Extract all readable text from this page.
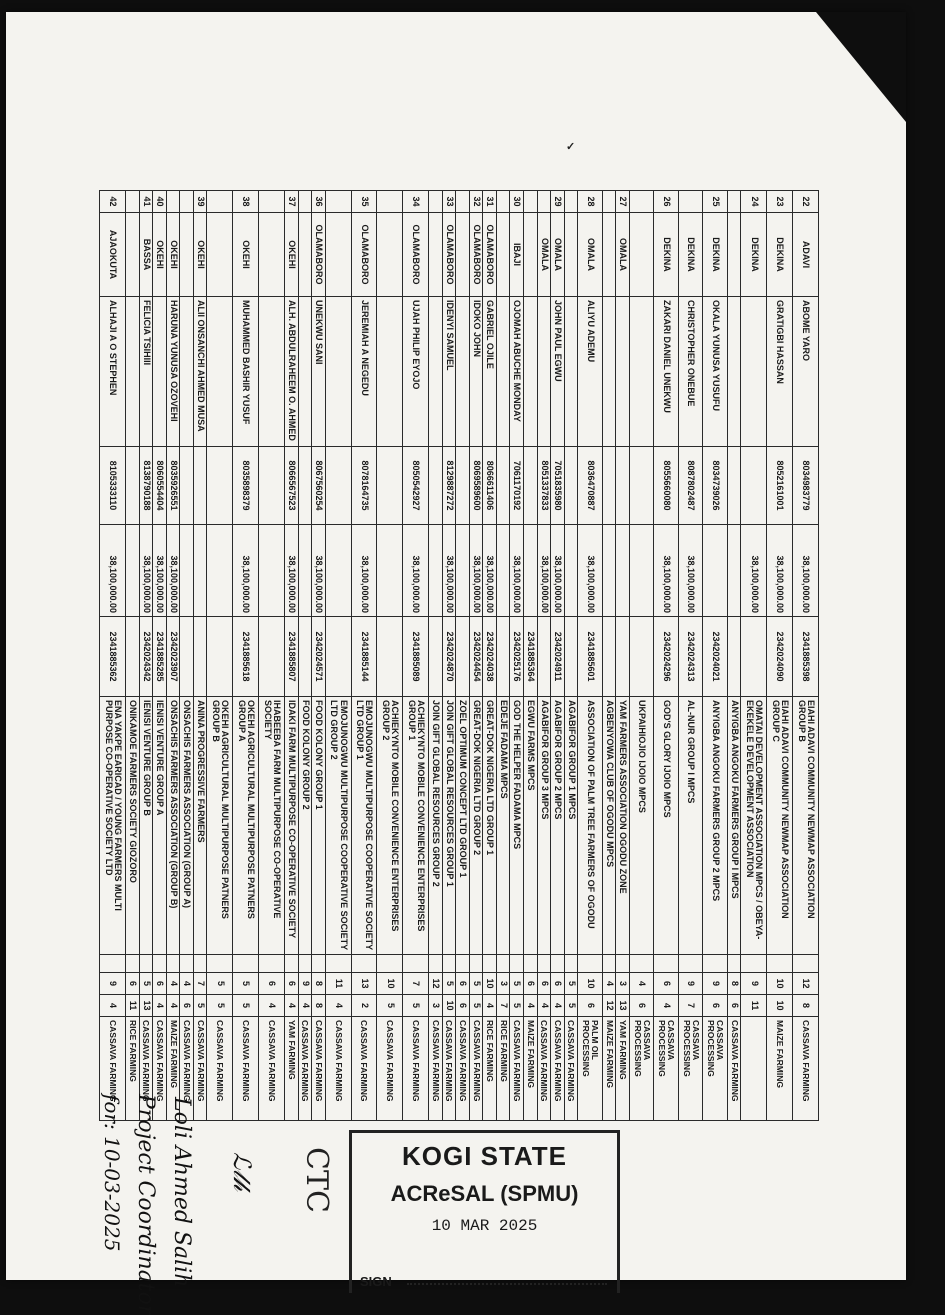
✓
22	ADAVI	ABOME YARO	8034983779	38,100,000.00	2341885398	EIAHI ADAVI COMMUNITY NEWMAP ASSOCIATION GROUP B		12	8	CASSAVA FARMING
23	DEKINA	GRATIGBI HASSAN	8052161001	38,100,000.00	2342024090	EIAHI ADAVI COMMUNITY NEWMAP ASSOCIATION GROUP C		10	10	MAIZE FARMING
24	DEKINA			38,100,000.00		OMATAI DEVELOPMENT ASSOCIATION MPCS / OBEYA-EKEKELE DEVELOPMENT ASSOCIATION		9	11	
						ANYIGBA ANGOKU FARMERS GROUP I MPCS		8	6	CASSAVA FARMING
25	DEKINA	OKALA YUNUSA YUSUFU	8034739026		2342024021	ANYIGBA ANGOKU FARMERS GROUP 2 MPCS		9	6	CASSAVA PROCESSING
	DEKINA	CHRISTOPHER ONEBUE	8087802487	38,100,000.00	2342024313	AL-NUR GROUP I MPCS		9	7	CASSAVA PROCESSING
26	DEKINA	ZAKARI DANIEL UNEKWU	8055660080	38,100,000.00	2342024296	GOD'S GLORY IJOIO MPCS		6	4	CASSAVA PROCESSING
						UKPAIHIOJIO IJOIO MPCS		4	6	CASSAVA PROCESSING
27	OMALA					YAM FARMERS ASSOCIATION OGODU ZONE		3	13	YAM FARMING
						AGBENYOWA CLUB OF OGODU MPCS		4	12	MAIZE FARMING
28	OMALA	ALIYU ADEMU	8036470887	38,100,000.00	2341885601	ASSOCIATION OF PALM TREE FARMERS OF OGODU		10	6	PALM OIL PROCESSING
						AGABIFOR GROUP 1 MPCS		5	5	CASSAVA FARMING
29	OMALA	JOHN PAUL EGWU	7051835980	38,100,000.00	2342024911	AGABIFOR GROUP 2 MPCS		6	4	CASSAVA FARMING
	OMALA		8051337833	38,100,000.00		AGABIFOR GROUP 3 MPCS		6	4	CASSAVA FARMING
					2341885364	EGWU FARMS MPCS		6	4	MAIZE FARMING
30	IBAJI	OJOMAH ABUCHE MONDAY	7061170192	38,100,000.00	2342025176	GOD THE HELPER FADAMA MPCS		5	5	CASSAVA FARMING
						EDEJE FADAMA MPCS		3	7	RICE FARMING
31	OLAMABORO	GABRIEL OJILE	8066611406	38,100,000.00	2342024038	GREAT-DOK NIGERIA LTD GROUP 1		10	4	RICE FARMING
32	OLAMABORO	IDOKO JOHN	8069589600	38,100,000.00	2342024454	GREAT-DOK NIGERIA LTD GROUP 2		5	5	CASSAVA FARMING
						ZOEL OPTIMUM CONCEPT LTD GROUP 1		6	6	CASSAVA FARMING
33	OLAMABORO	IDENYI SAMUEL	8129887272	38,100,000.00	2342024870	JOIN GIFT GLOBAL RESOURCES GROUP 1		5	10	CASSAVA FARMING
						JOIN GIFT GLOBAL RESOURCES GROUP 2		12	3	CASSAVA FARMING
34	OLAMABORO	UJAH PHILIP EYOJO	8050542927	38,100,000.00	2341885089	ACHIEKYNTO MOBILE CONVENIENCE ENTERPRISES GROUP 1		7	5	CASSAVA FARMING
						ACHIEKYNTO MOBILE CONVENIENCE ENTERPRISES GROUP 2		10	5	CASSAVA FARMING
35	OLAMABORO	JEREMIAH A NEGEDU	8078164735	38,100,000.00	2341885144	EMOJUNOGWU MULTIPURPOSE COOPERATIVE SOCIETY LTD GROUP 1		13	2	CASSAVA FARMING
						EMOJUNOGWU MULTIPURPOSE COOPERATIVE SOCIETY LTD GROUP 2		11	4	CASSAVA FARMING
36	OLAMABORO	UNEKWU SANI	8067560254	38,100,000.00	2342024571	FOOD KOLONY GROUP 1		8	8	CASSAVA FARMING
						FOOD KOLONY GROUP 2		9	4	CASSAVA FARMING
37	OKEHI	ALH. ABDULRAHEEM O. AHMED	8066567523	38,100,000.00	2341885807	IDAKI FARM MULTIPURPOSE CO-OPERATIVE SOCIETY		6	4	YAM FARMING
						IHABEEBA FARM MULTIPURPOSE CO-OPERATIVE SOCIETY		6	4	CASSAVA FARMING
38	OKEHI	MUHAMMED BASHIR YUSUF	8035898379	38,100,000.00	2341885618	OKEHI AGRICULTURAL MULTIPURPOSE PATNERS GROUP A		5	5	CASSAVA FARMING
						OKEHI AGRICULTURAL MULTIPURPOSE PATNERS GROUP B		5	5	CASSAVA FARMING
39	OKEHI	ALII ONSANCHI AHMED MUSA				ANINA PROGRESSIVE FARMERS		7	5	CASSAVA FARMING
						ONSACHIS FARMERS ASSOCIATION (GROUP A)		4	6	CASSAVA FARMING
	OKEHI	HARUNA YUNUSA OZOVEHI	8035926551	38,100,000.00	2342023907	ONSACHIS FARMERS ASSOCIATION (GROUP B)		4	4	MAIZE FARMING
40	OKEHI		8060554404	38,100,000.00	2341885285	IENISI VENTURE GROUP A		6	4	CASSAVA FARMING
41	BASSA	FELICIA TSIHIII	8138790188	38,100,000.00	2342024342	IENISI VENTURE GROUP B		5	13	CASSAVA FARMING
						ONIKAMOE FARMERS SOCIETY GIOZORO		6	11	RICE FARMING
42	AJAOKUTA	ALHAJI A O STEPHEN	8105333110	38,100,000.00	2341885362	ENA YAKPE EARICAD / YOUNG FARMERS MULTI PURPOSE CO-OPERATIVE SOCIETY LTD		9	4	CASSAVA FARMING
CTC	KOGI STATE
ACReSAL (SPMU)
10 MAR 2025
SIGN
ℒ𝓁𝒽
Loli Ahmed Salih
Project Coordinator
for: 10-03-2025
